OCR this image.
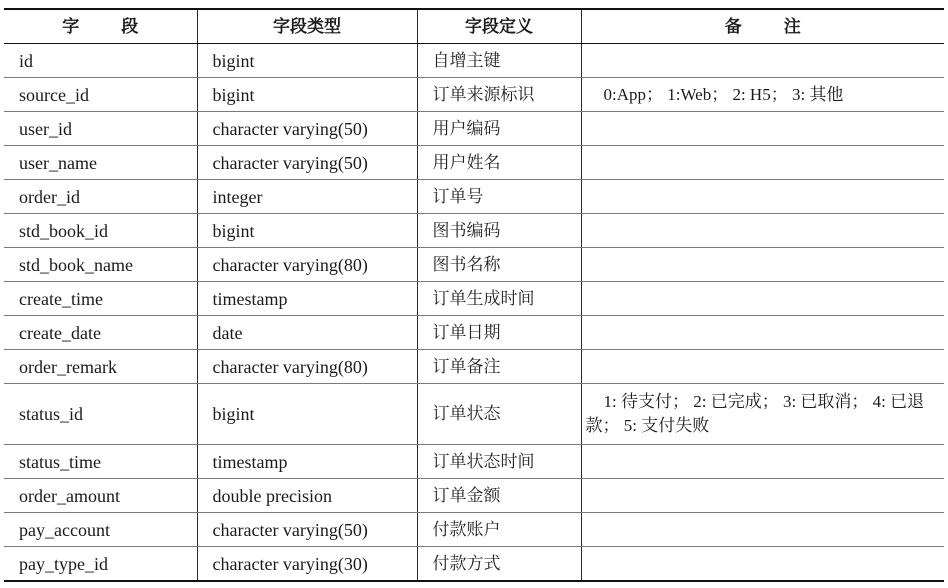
字 段	字段类型	字段定义	备 注
id	bigint	自增主键	
source_id	bigint	订单来源标识	0:App； 1:Web； 2: H5； 3: 其他
user_id	character varying(50)	用户编码	
user_name	character varying(50)	用户姓名	
order_id	integer	订单号	
std_book_id	bigint	图书编码	
std_book_name	character varying(80)	图书名称	
create_time	timestamp	订单生成时间	
create_date	date	订单日期	
order_remark	character varying(80)	订单备注	
status_id	bigint	订单状态	1: 待支付； 2: 已完成； 3: 已取消； 4: 已退款； 5: 支付失败
status_time	timestamp	订单状态时间	
order_amount	double precision	订单金额	
pay_account	character varying(50)	付款账户	
pay_type_id	character varying(30)	付款方式	
